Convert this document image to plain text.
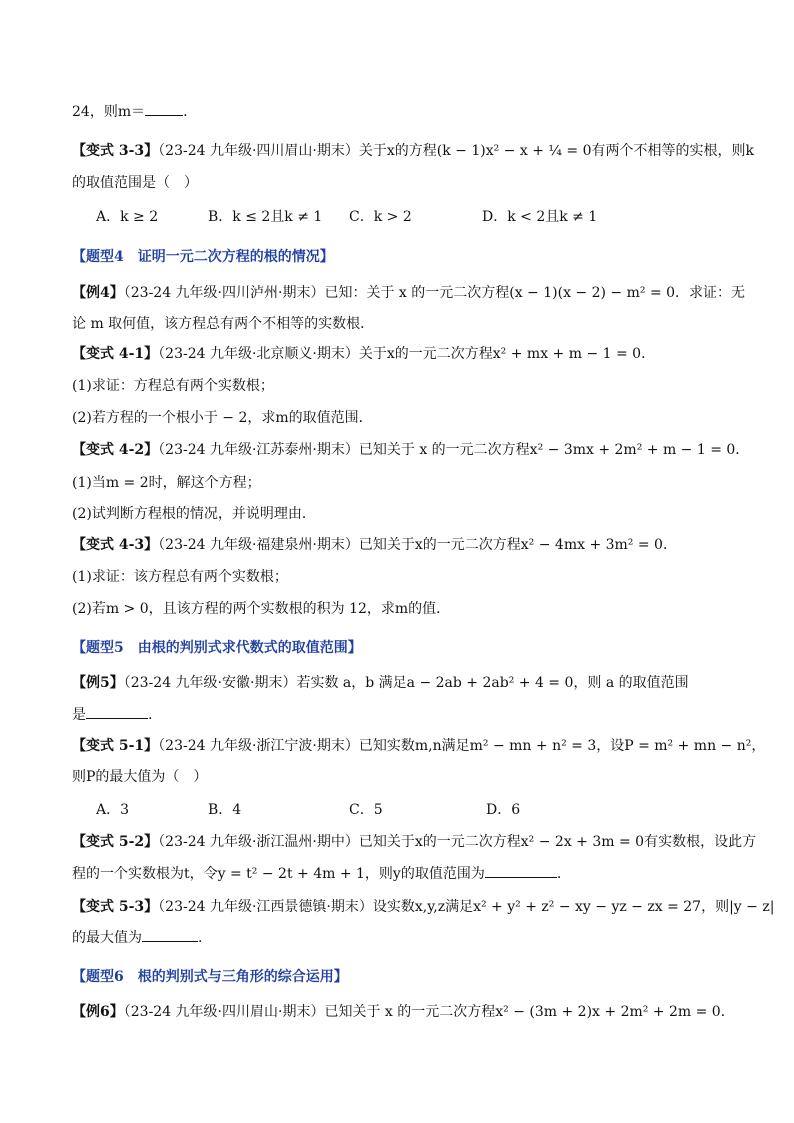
24，则m＝	.
【变式 3-3】（23-24 九年级·四川眉山·期末）关于x的方程(k − 1)x² − x + ¼ = 0有两个不相等的实根，则k
的取值范围是（　）
A．k ≥ 2	B．k ≤ 2且k ≠ 1 C．k > 2	D．k < 2且k ≠ 1
【题型4　证明一元二次方程的根的情况】
【例4】（23-24 九年级·四川泸州·期末）已知：关于 x 的一元二次方程(x − 1)(x − 2) − m² = 0．求证：无
论 m 取何值，该方程总有两个不相等的实数根．
【变式 4-1】（23-24 九年级·北京顺义·期末）关于x的一元二次方程x² + mx + m − 1 = 0．
(1)求证：方程总有两个实数根；
(2)若方程的一个根小于 − 2，求m的取值范围．
【变式 4-2】（23-24 九年级·江苏泰州·期末）已知关于 x 的一元二次方程x² − 3mx + 2m² + m − 1 = 0．
(1)当m = 2时，解这个方程；
(2)试判断方程根的情况，并说明理由．
【变式 4-3】（23-24 九年级·福建泉州·期末）已知关于x的一元二次方程x² − 4mx + 3m² = 0．
(1)求证：该方程总有两个实数根；
(2)若m > 0，且该方程的两个实数根的积为 12，求m的值．
【题型5　由根的判别式求代数式的取值范围】
【例5】（23-24 九年级·安徽·期末）若实数 a，b 满足a − 2ab + 2ab² + 4 = 0，则 a 的取值范围
是	.
【变式 5-1】（23-24 九年级·浙江宁波·期末）已知实数m,n满足m² − mn + n² = 3，设P = m² + mn − n²，
则P的最大值为（　）
A．3	B．4	C．5	D．6
【变式 5-2】（23-24 九年级·浙江温州·期中）已知关于x的一元二次方程x² − 2x + 3m = 0有实数根，设此方
程的一个实数根为t，令y = t² − 2t + 4m + 1，则y的取值范围为	.
【变式 5-3】（23-24 九年级·江西景德镇·期末）设实数x,y,z满足x² + y² + z² − xy − yz − zx = 27，则|y − z|
的最大值为	.
【题型6　根的判别式与三角形的综合运用】
【例6】（23-24 九年级·四川眉山·期末）已知关于 x 的一元二次方程x² − (3m + 2)x + 2m² + 2m = 0．
